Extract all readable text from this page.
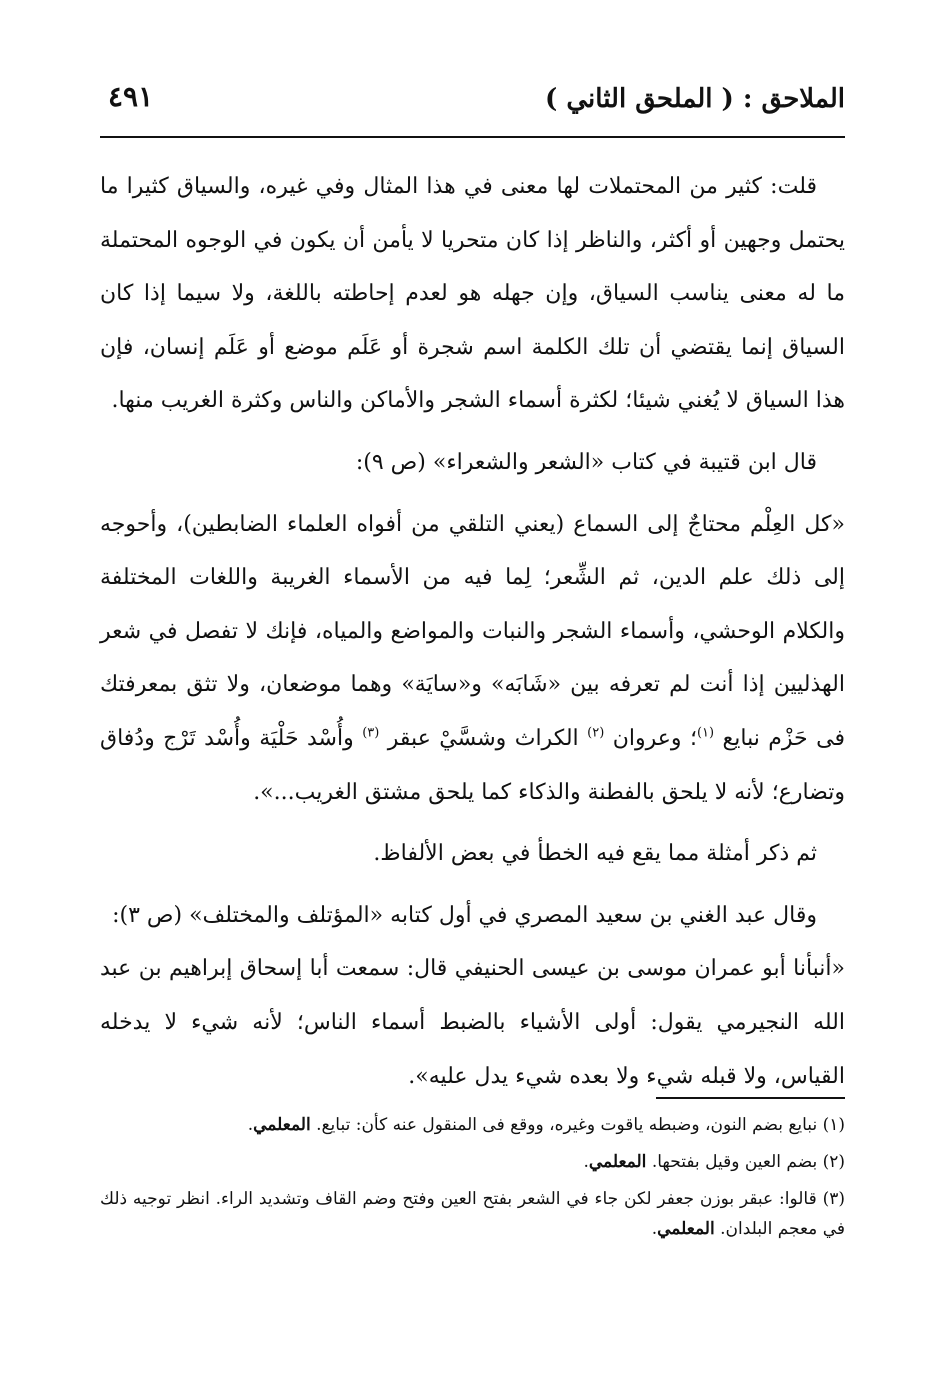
الملاحق : ( الملحق الثاني )
٤٩١

قلت: كثير من المحتملات لها معنى في هذا المثال وفي غيره، والسياق كثيرا ما يحتمل وجهين أو أكثر، والناظر إذا كان متحريا لا يأمن أن يكون في الوجوه المحتملة ما له معنى يناسب السياق، وإن جهله هو لعدم إحاطته باللغة، ولا سيما إذا كان السياق إنما يقتضي أن تلك الكلمة اسم شجرة أو عَلَم موضع أو عَلَم إنسان، فإن هذا السياق لا يُغني شيئا؛ لكثرة أسماء الشجر والأماكن والناس وكثرة الغريب منها.

قال ابن قتيبة في كتاب «الشعر والشعراء» (ص ٩):

«كل العِلْم محتاجٌ إلى السماع (يعني التلقي من أفواه العلماء الضابطين)، وأحوجه إلى ذلك علم الدين، ثم الشِّعر؛ لِما فيه من الأسماء الغريبة واللغات المختلفة والكلام الوحشي، وأسماء الشجر والنبات والمواضع والمياه، فإنك لا تفصل في شعر الهذليين إذا أنت لم تعرفه بين «شَابَه» و«سايَة» وهما موضعان، ولا تثق بمعرفتك فى حَزْم نبايع $^{(١)}$؛ وعروان $^{(٢)}$ الكراث وشسَّيْ عبقر $^{(٣)}$ وأُسْد حَلْيَة وأُسْد تَرْج ودُفاق وتضارع؛ لأنه لا يلحق بالفطنة والذكاء كما يلحق مشتق الغريب...».

ثم ذكر أمثلة مما يقع فيه الخطأ في بعض الألفاظ.

وقال عبد الغني بن سعيد المصري في أول كتابه «المؤتلف والمختلف» (ص ٣):

«أنبأنا أبو عمران موسى بن عيسى الحنيفي قال: سمعت أبا إسحاق إبراهيم بن عبد الله النجيرمي يقول: أولى الأشياء بالضبط أسماء الناس؛ لأنه شيء لا يدخله القياس، ولا قبله شيء ولا بعده شيء يدل عليه».

(١) نبايع بضم النون، وضبطه ياقوت وغيره، ووقع فى المنقول عنه كأن: تبايع. المعلمي.

(٢) بضم العين وقيل بفتحها. المعلمي.

(٣) قالوا: عبقر بوزن جعفر لكن جاء في الشعر بفتح العين وفتح وضم القاف وتشديد الراء. انظر توجيه ذلك في معجم البلدان. المعلمي.
